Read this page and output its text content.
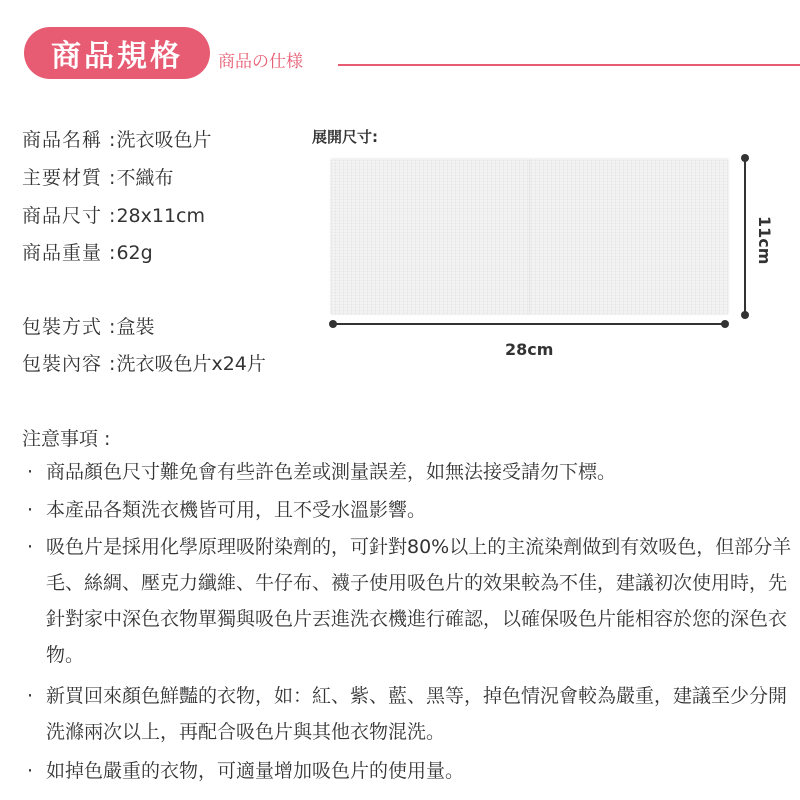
商品規格	商品の仕様
商品名稱 :洗衣吸色片
主要材質 :不織布
商品尺寸 :28x11cm
商品重量 :62g
包裝方式 :盒裝
包裝內容 :洗衣吸色片x24片
展開尺寸:
28cm
11cm
注意事項 :
· 商品顏色尺寸難免會有些許色差或測量誤差，如無法接受請勿下標。
· 本產品各類洗衣機皆可用，且不受水溫影響。
· 吸色片是採用化學原理吸附染劑的，可針對80%以上的主流染劑做到有效吸色，但部分羊毛、絲綢、壓克力纖維、牛仔布、襪子使用吸色片的效果較為不佳，建議初次使用時，先針對家中深色衣物單獨與吸色片丟進洗衣機進行確認，以確保吸色片能相容於您的深色衣物。
· 新買回來顏色鮮豔的衣物，如：紅、紫、藍、黑等，掉色情況會較為嚴重，建議至少分開洗滌兩次以上，再配合吸色片與其他衣物混洗。
· 如掉色嚴重的衣物，可適量增加吸色片的使用量。
